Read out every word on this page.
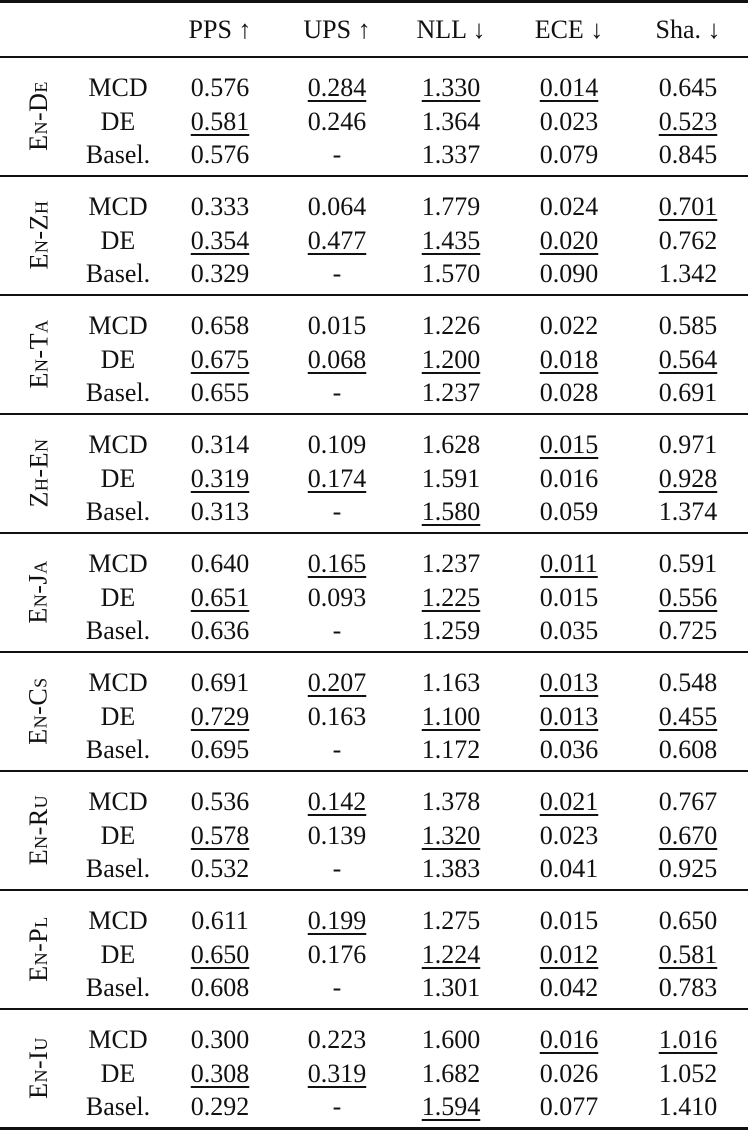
PPS ↑	UPS ↑	NLL ↓	ECE ↓	Sha. ↓
En-De	MCD	0.576	0.284	1.330	0.014	0.645
DE	0.581	0.246	1.364	0.023	0.523
Basel.	0.576	-	1.337	0.079	0.845
En-Zh	MCD	0.333	0.064	1.779	0.024	0.701
DE	0.354	0.477	1.435	0.020	0.762
Basel.	0.329	-	1.570	0.090	1.342
En-Ta	MCD	0.658	0.015	1.226	0.022	0.585
DE	0.675	0.068	1.200	0.018	0.564
Basel.	0.655	-	1.237	0.028	0.691
Zh-En	MCD	0.314	0.109	1.628	0.015	0.971
DE	0.319	0.174	1.591	0.016	0.928
Basel.	0.313	-	1.580	0.059	1.374
En-Ja	MCD	0.640	0.165	1.237	0.011	0.591
DE	0.651	0.093	1.225	0.015	0.556
Basel.	0.636	-	1.259	0.035	0.725
En-Cs	MCD	0.691	0.207	1.163	0.013	0.548
DE	0.729	0.163	1.100	0.013	0.455
Basel.	0.695	-	1.172	0.036	0.608
En-Ru	MCD	0.536	0.142	1.378	0.021	0.767
DE	0.578	0.139	1.320	0.023	0.670
Basel.	0.532	-	1.383	0.041	0.925
En-Pl	MCD	0.611	0.199	1.275	0.015	0.650
DE	0.650	0.176	1.224	0.012	0.581
Basel.	0.608	-	1.301	0.042	0.783
En-Iu	MCD	0.300	0.223	1.600	0.016	1.016
DE	0.308	0.319	1.682	0.026	1.052
Basel.	0.292	-	1.594	0.077	1.410
